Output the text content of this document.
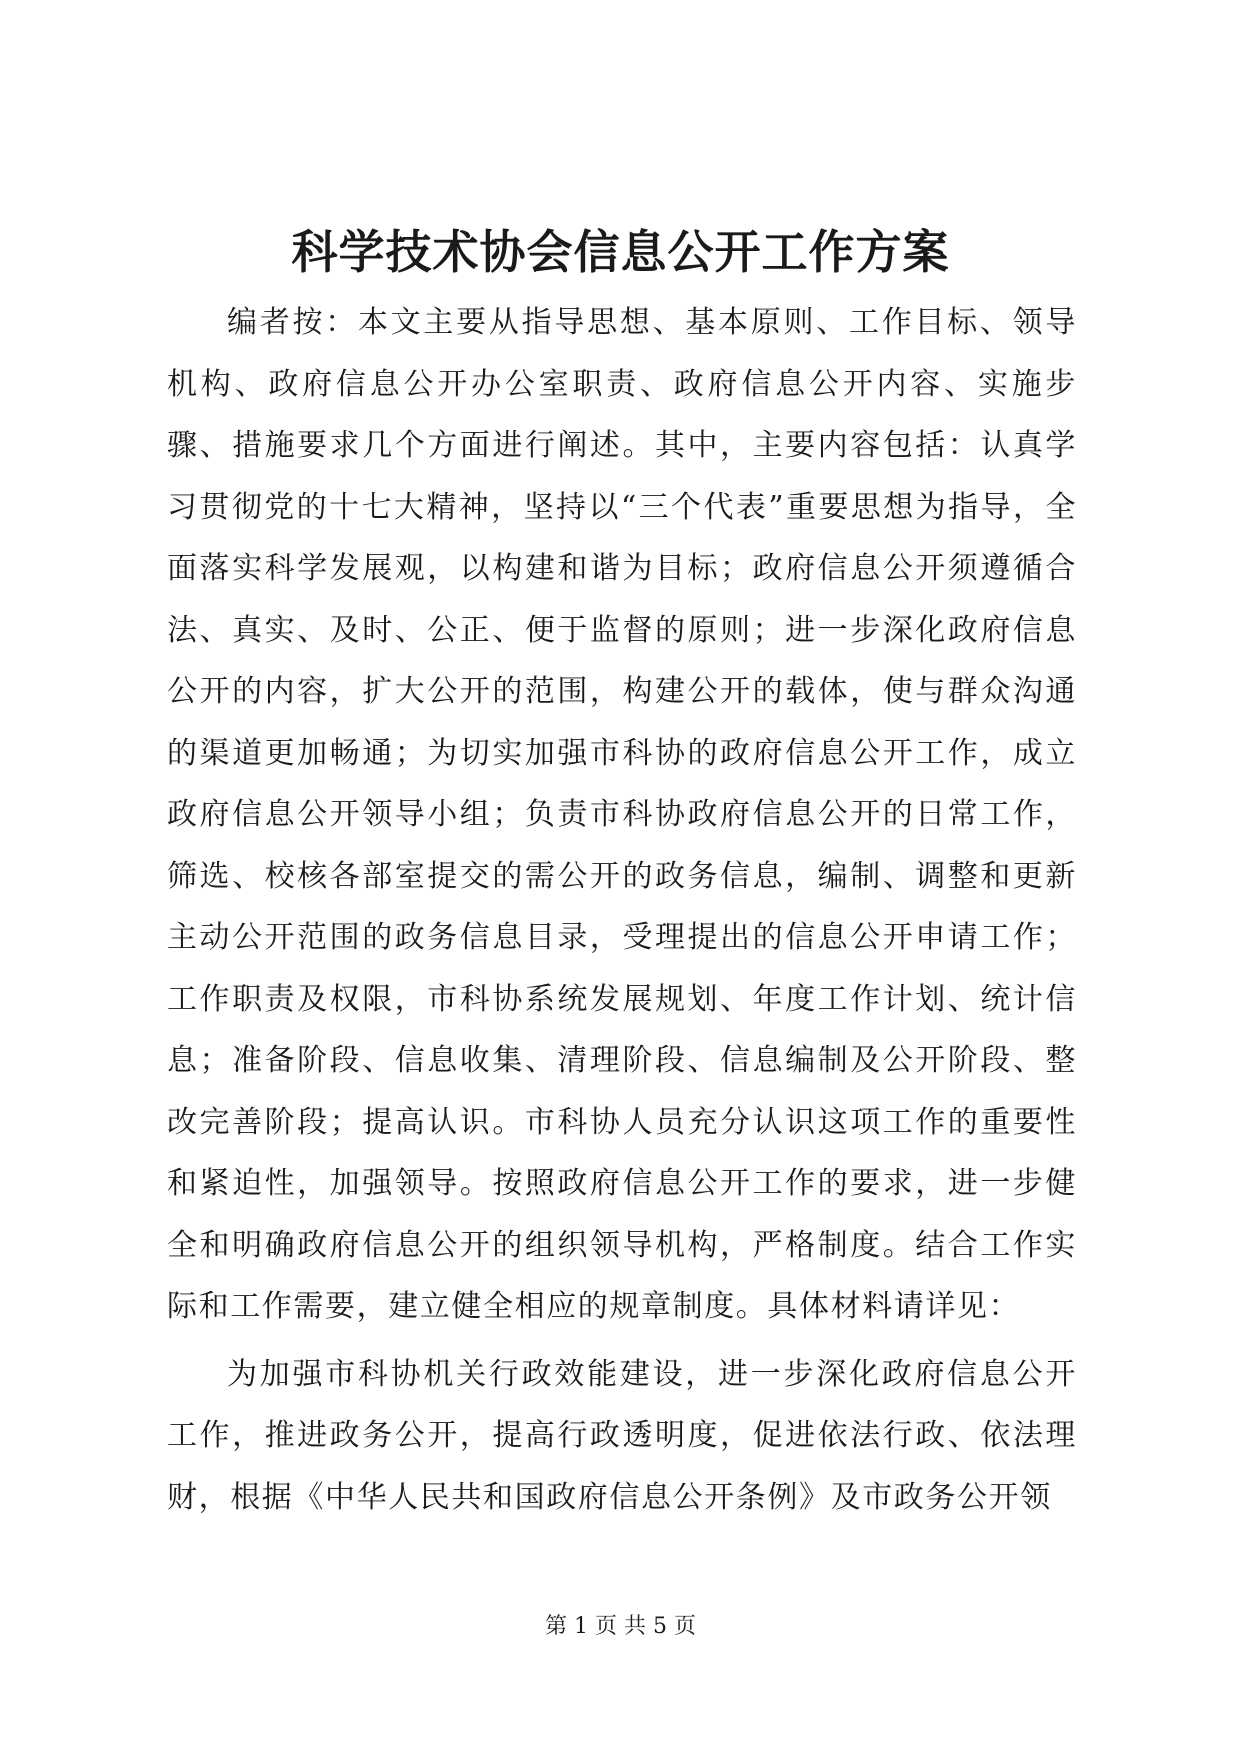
科学技术协会信息公开工作方案

编者按：本文主要从指导思想、基本原则、工作目标、领导机构、政府信息公开办公室职责、政府信息公开内容、实施步骤、措施要求几个方面进行阐述。其中，主要内容包括：认真学习贯彻党的十七大精神，坚持以“三个代表”重要思想为指导，全面落实科学发展观，以构建和谐为目标；政府信息公开须遵循合法、真实、及时、公正、便于监督的原则；进一步深化政府信息公开的内容，扩大公开的范围，构建公开的载体，使与群众沟通的渠道更加畅通；为切实加强市科协的政府信息公开工作，成立政府信息公开领导小组；负责市科协政府信息公开的日常工作，筛选、校核各部室提交的需公开的政务信息，编制、调整和更新主动公开范围的政务信息目录，受理提出的信息公开申请工作；工作职责及权限，市科协系统发展规划、年度工作计划、统计信息；准备阶段、信息收集、清理阶段、信息编制及公开阶段、整改完善阶段；提高认识。市科协人员充分认识这项工作的重要性和紧迫性，加强领导。按照政府信息公开工作的要求，进一步健全和明确政府信息公开的组织领导机构，严格制度。结合工作实际和工作需要，建立健全相应的规章制度。具体材料请详见：

为加强市科协机关行政效能建设，进一步深化政府信息公开工作，推进政务公开，提高行政透明度，促进依法行政、依法理财，根据《中华人民共和国政府信息公开条例》及市政务公开领

第 1 页 共 5 页
